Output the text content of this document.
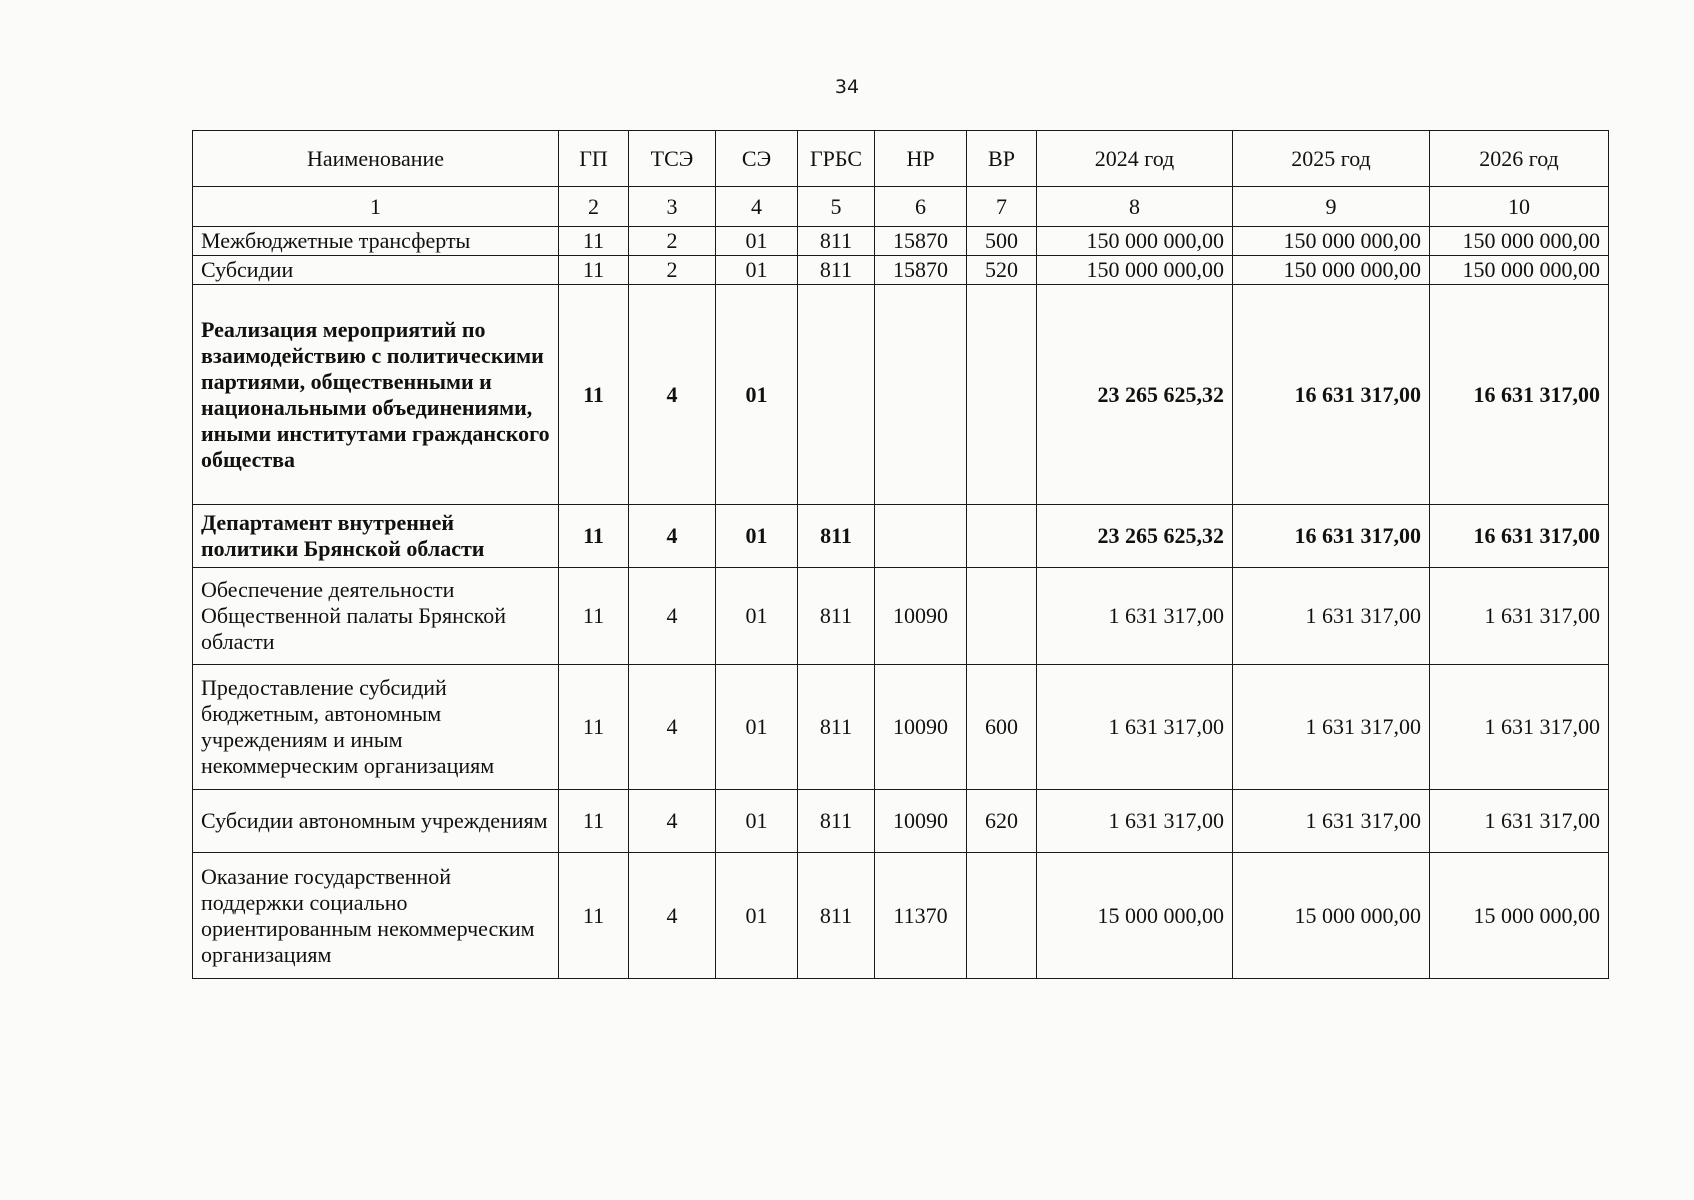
34
Наименование	ГП	ТСЭ	СЭ	ГРБС	НР	ВР	2024 год	2025 год	2026 год
1	2	3	4	5	6	7	8	9	10
Межбюджетные трансферты	11	2	01	811	15870	500	150 000 000,00	150 000 000,00	150 000 000,00
Субсидии	11	2	01	811	15870	520	150 000 000,00	150 000 000,00	150 000 000,00
Реализация мероприятий по взаимодействию с политическими партиями, общественными и национальными объединениями, иными институтами гражданского общества	11	4	01				23 265 625,32	16 631 317,00	16 631 317,00
Департамент внутренней политики Брянской области	11	4	01	811			23 265 625,32	16 631 317,00	16 631 317,00
Обеспечение деятельности Общественной палаты Брянской области	11	4	01	811	10090		1 631 317,00	1 631 317,00	1 631 317,00
Предоставление субсидий бюджетным, автономным учреждениям и иным некоммерческим организациям	11	4	01	811	10090	600	1 631 317,00	1 631 317,00	1 631 317,00
Субсидии автономным учреждениям	11	4	01	811	10090	620	1 631 317,00	1 631 317,00	1 631 317,00
Оказание государственной поддержки социально ориентированным некоммерческим организациям	11	4	01	811	11370		15 000 000,00	15 000 000,00	15 000 000,00
